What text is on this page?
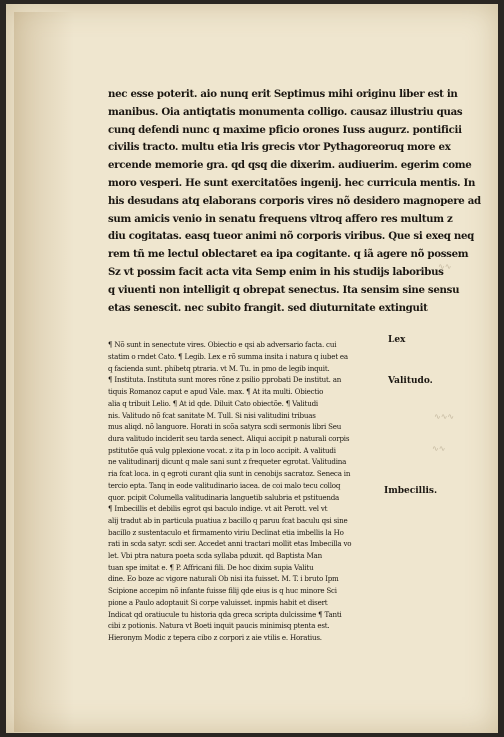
∿∿
∿∿∿
∿∿
nec esse poterit. aio nunq erit Septimus mihi originu liber est in
manibus. Oia antiqtatis monumenta colligo. causaz illustriu quas
cunq defendi nunc q maxime pficio orones Iuss augurz. pontificii
civilis tracto. multu etia lris grecis vtor Pythagoreoruq more ex
ercende memorie gra. qd qsq die dixerim. audiuerim. egerim come
moro vesperi. He sunt exercitatões ingenij. hec curricula mentis. In
his desudans atq elaborans corporis vires nõ desidero magnopere ad
sum amicis venio in senatu frequens vltroq affero res multum z
diu cogitatas. easq tueor animi nõ corporis viribus. Que si exeq neq
rem tñ me lectul oblectaret ea ipa cogitante. q iã agere nõ possem
Sz vt possim facit acta vita Semp enim in his studijs laboribus
q viuenti non intelligit q obrepat senectus. Ita sensim sine sensu
etas senescit. nec subito frangit. sed diuturnitate extinguit
¶ Nõ sunt in senectute vires. Obiectio e qsi ab adversario facta. cui
statim o rndet Cato. ¶ Legib. Lex e rõ summa insita i natura q iubet ea
q facienda sunt. phibetq ptraria. vt M. Tu. in pmo de legib inquit.
¶ Instituta. Instituta sunt mores rõne z psilio pprobati De institut. an
tiquis Romanoz caput e apud Vale. max. ¶ At ita multi. Obiectio
alia q tribuit Lelio. ¶ At id qde. Diluit Cato obiectõe. ¶ Valitudi
nis. Valitudo nõ fcat sanitate M. Tull. Si nisi valitudini tribuas
mus aliqd. nõ languore. Horati in scõa satyra scdi sermonis libri Seu
dura valitudo inciderit seu tarda senect. Aliqui accipit p naturali corpis
pstitutõe quã vulg pplexione vocat. z ita p in loco accipit. A valitudi
ne valitudinarij dicunt q male sani sunt z frequeter egrotat. Valitudina
ria fcat loca. in q egroti curant qlia sunt in cenobijs sacratoz. Seneca in
tercio epta. Tanq in eode valitudinario iacea. de coi malo tecu colloq
quor. pcipit Columella valitudinaria languetib salubria et pstituenda
¶ Imbecillis et debilis egrot qsi baculo indige. vt ait Perott. vel vt
alij tradut ab in particula puatiua z bacillo q paruu fcat baculu qsi sine
bacillo z sustentaculo et firmamento viriu Declinat etia imbellis la Ho
rati in scda satyr. scdi ser. Accedet anni tractari mollit etas Imbecilla vo
let. Vbi ptra natura poeta scda syllaba pduxit. qd Baptista Man
tuan spe imitat e. ¶ P. Affricani fili. De hoc dixim supia Valitu
dine. Eo boze ac vigore naturali Ob nisi ita fuisset. M. T. i bruto Ipm
Scipione accepim nõ infante fuisse filij qde eius is q huc minore Sci
pione a Paulo adoptauit Si corpe valuisset. inpmis habit et disert
Indicat qd oratiucule tu historia qda greca scripta dulcissime ¶ Tanti
cibi z potionis. Natura vt Boeti inquit paucis minimisq ptenta est.
Hieronym Modic z tepera cibo z corpori z aie vtilis e. Horatius.
Lex
Valitudo.
Imbecillis.
